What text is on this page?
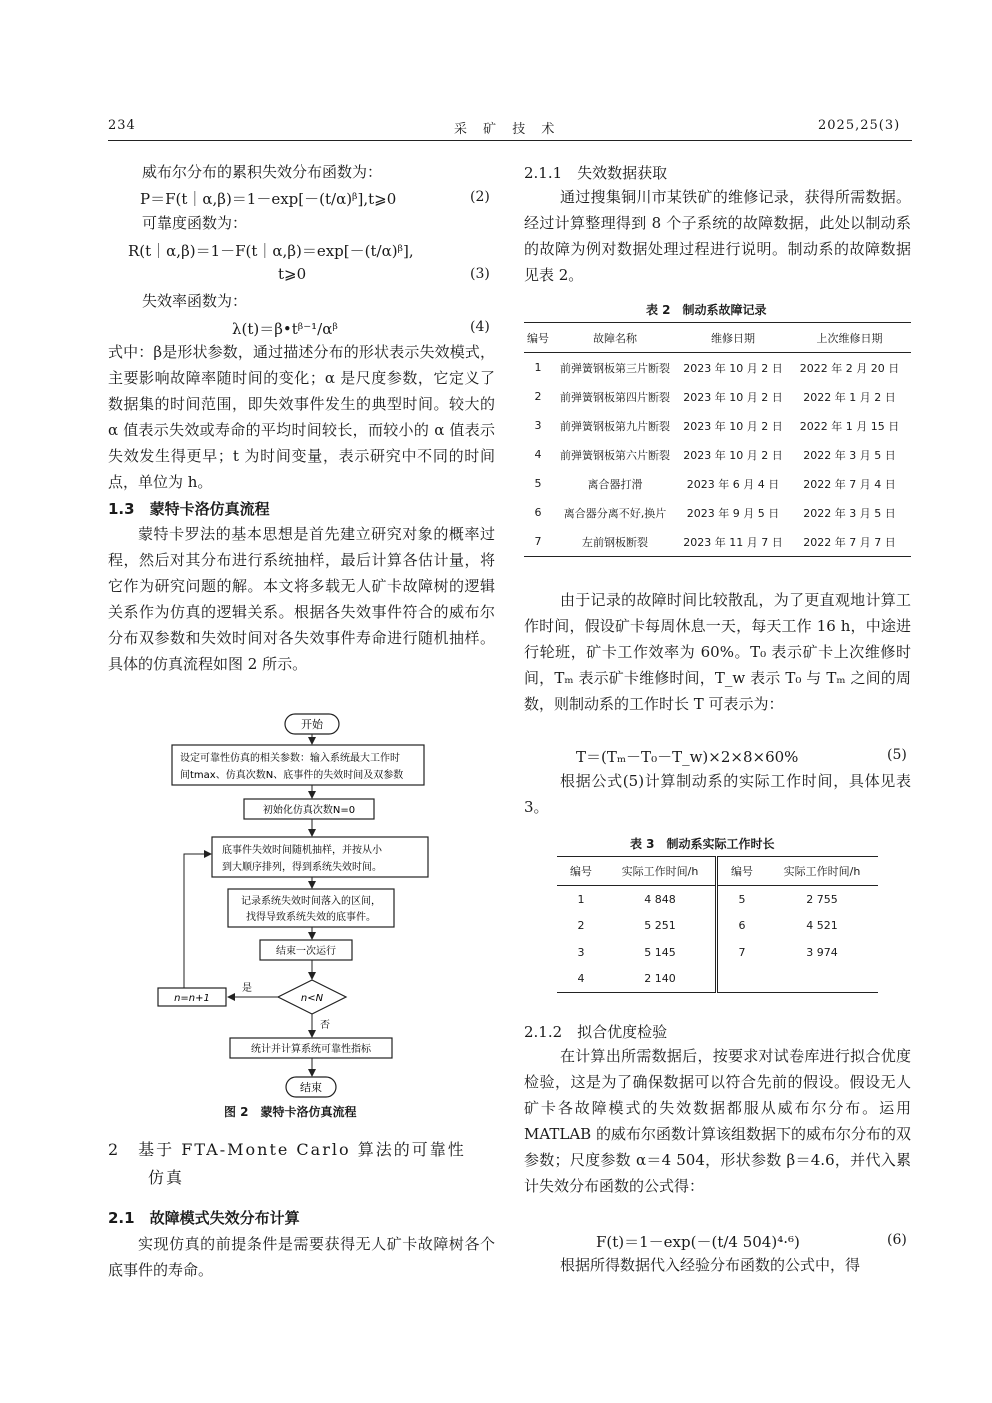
234	采 矿 技 术	2025,25(3)
威布尔分布的累积失效分布函数为：
P＝F(t｜α,β)＝1－exp[－(t/α)ᵝ],t⩾0	(2)
可靠度函数为：
R(t｜α,β)＝1－F(t｜α,β)＝exp[－(t/α)ᵝ],
t⩾0	(3)
失效率函数为：
λ(t)＝β•tᵝ⁻¹/αᵝ	(4)
式中：β是形状参数，通过描述分布的形状表示失效模式，主要影响故障率随时间的变化；α 是尺度参数，它定义了数据集的时间范围，即失效事件发生的典型时间。较大的 α 值表示失效或寿命的平均时间较长，而较小的 α 值表示失效发生得更早；t 为时间变量，表示研究中不同的时间点，单位为 h。
1.3　蒙特卡洛仿真流程
蒙特卡罗法的基本思想是首先建立研究对象的概率过程，然后对其分布进行系统抽样，最后计算各估计量，将它作为研究问题的解。本文将多载无人矿卡故障树的逻辑关系作为仿真的逻辑关系。根据各失效事件符合的威布尔分布双参数和失效时间对各失效事件寿命进行随机抽样。具体的仿真流程如图 2 所示。
开始
设定可靠性仿真的相关参数：输入系统最大工作时
间tmax、仿真次数N、底事件的失效时间及双参数
初始化仿真次数N=0
底事件失效时间随机抽样，并按从小
到大顺序排列，得到系统失效时间。
记录系统失效时间落入的区间，
找得导致系统失效的底事件。
结束一次运行
n<N
是
n=n+1
否
统计并计算系统可靠性指标
结束
图 2　蒙特卡洛仿真流程
2　基于 FTA-Monte Carlo 算法的可靠性
仿真
2.1　故障模式失效分布计算
实现仿真的前提条件是需要获得无人矿卡故障树各个底事件的寿命。
2.1.1　失效数据获取
通过搜集铜川市某铁矿的维修记录，获得所需数据。经过计算整理得到 8 个子系统的故障数据，此处以制动系的故障为例对数据处理过程进行说明。制动系的故障数据见表 2。
表 2　制动系故障记录
编号	故障名称	维修日期	上次维修日期
1	前弹簧钢板第三片断裂	2023 年 10 月 2 日	2022 年 2 月 20 日
2	前弹簧钢板第四片断裂	2023 年 10 月 2 日	2022 年 1 月 2 日
3	前弹簧钢板第九片断裂	2023 年 10 月 2 日	2022 年 1 月 15 日
4	前弹簧钢板第六片断裂	2023 年 10 月 2 日	2022 年 3 月 5 日
5	离合器打滑	2023 年 6 月 4 日	2022 年 7 月 4 日
6	离合器分离不好,换片	2023 年 9 月 5 日	2022 年 3 月 5 日
7	左前钢板断裂	2023 年 11 月 7 日	2022 年 7 月 7 日
由于记录的故障时间比较散乱，为了更直观地计算工作时间，假设矿卡每周休息一天，每天工作 16 h，中途进行轮班，矿卡工作效率为 60%。T₀ 表示矿卡上次维修时间，Tₘ 表示矿卡维修时间，T_w 表示 T₀ 与 Tₘ 之间的周数，则制动系的工作时长 T 可表示为：
T＝(Tₘ－T₀－T_w)×2×8×60%	(5)
根据公式(5)计算制动系的实际工作时间，具体见表 3。
表 3　制动系实际工作时长
编号	实际工作时间/h	编号	实际工作时间/h
1	4 848	5	2 755
2	5 251	6	4 521
3	5 145	7	3 974
4	2 140		
2.1.2　拟合优度检验
在计算出所需数据后，按要求对试卷库进行拟合优度检验，这是为了确保数据可以符合先前的假设。假设无人矿卡各故障模式的失效数据都服从威布尔分布。运用 MATLAB 的威布尔函数计算该组数据下的威布尔分布的双参数；尺度参数 α＝4 504，形状参数 β＝4.6，并代入累计失效分布函数的公式得：
F(t)＝1－exp(－(t/4 504)⁴·⁶)	(6)
根据所得数据代入经验分布函数的公式中，得
